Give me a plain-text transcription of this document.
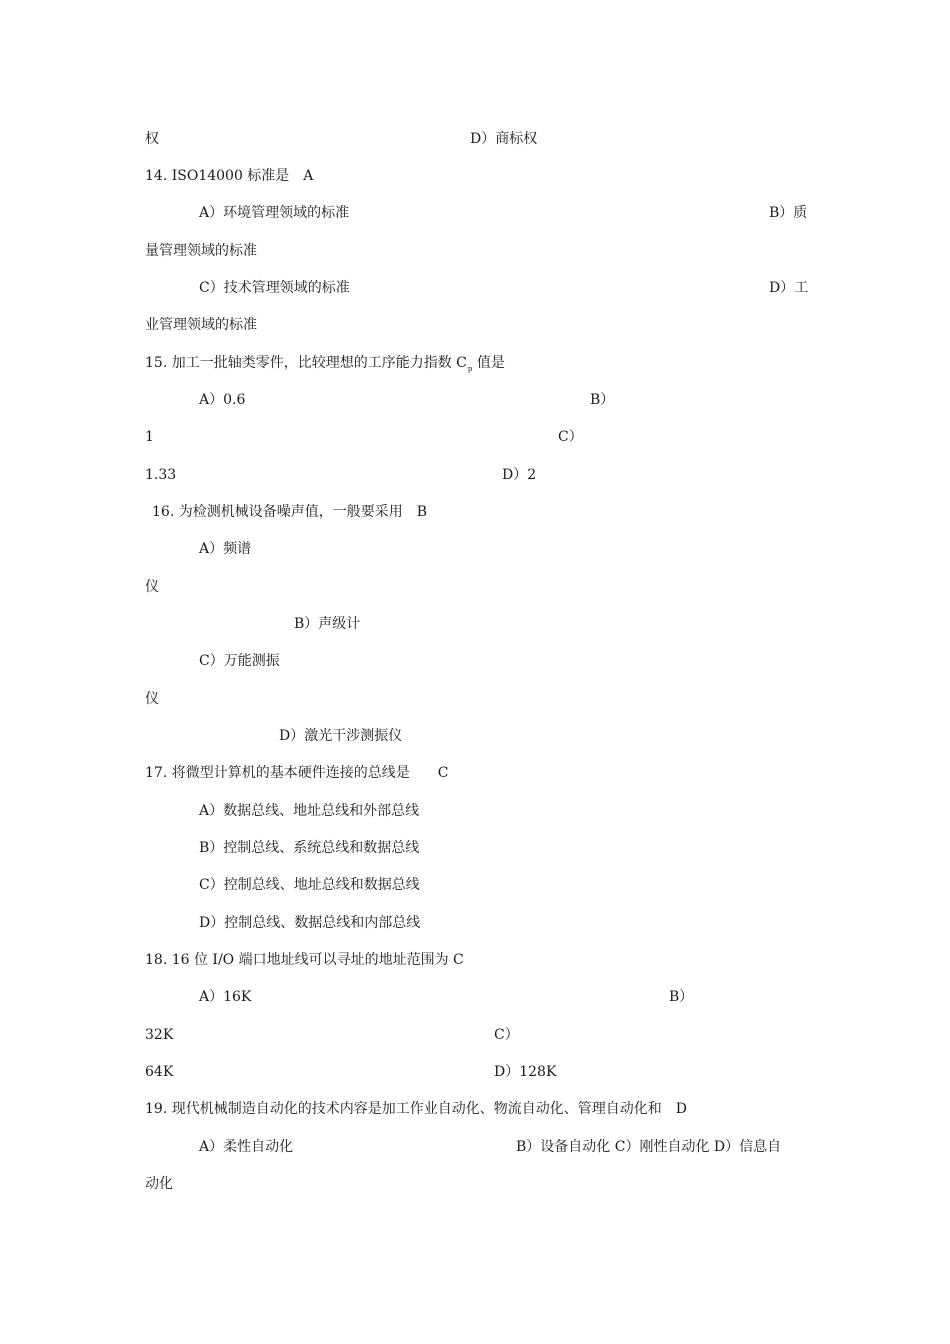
权	D）商标权
14. ISO14000 标准是　A
A）环境管理领域的标准	B）质
量管理领域的标准
C）技术管理领域的标准	D）工
业管理领域的标准
15. 加工一批轴类零件，比较理想的工序能力指数 $C_p$ 值是
A）0.6	B）
1	C）
1.33	D）2
16. 为检测机械设备噪声值，一般要采用　B
A）频谱
仪
B）声级计
C）万能测振
仪
D）激光干涉测振仪
17. 将微型计算机的基本硬件连接的总线是　　C
A）数据总线、地址总线和外部总线
B）控制总线、系统总线和数据总线
C）控制总线、地址总线和数据总线
D）控制总线、数据总线和内部总线
18. 16 位 I/O 端口地址线可以寻址的地址范围为 C
A）16K	B）
32K	C）
64K	D）128K
19. 现代机械制造自动化的技术内容是加工作业自动化、物流自动化、管理自动化和　D
A）柔性自动化	B）设备自动化 C）刚性自动化 D）信息自
动化
